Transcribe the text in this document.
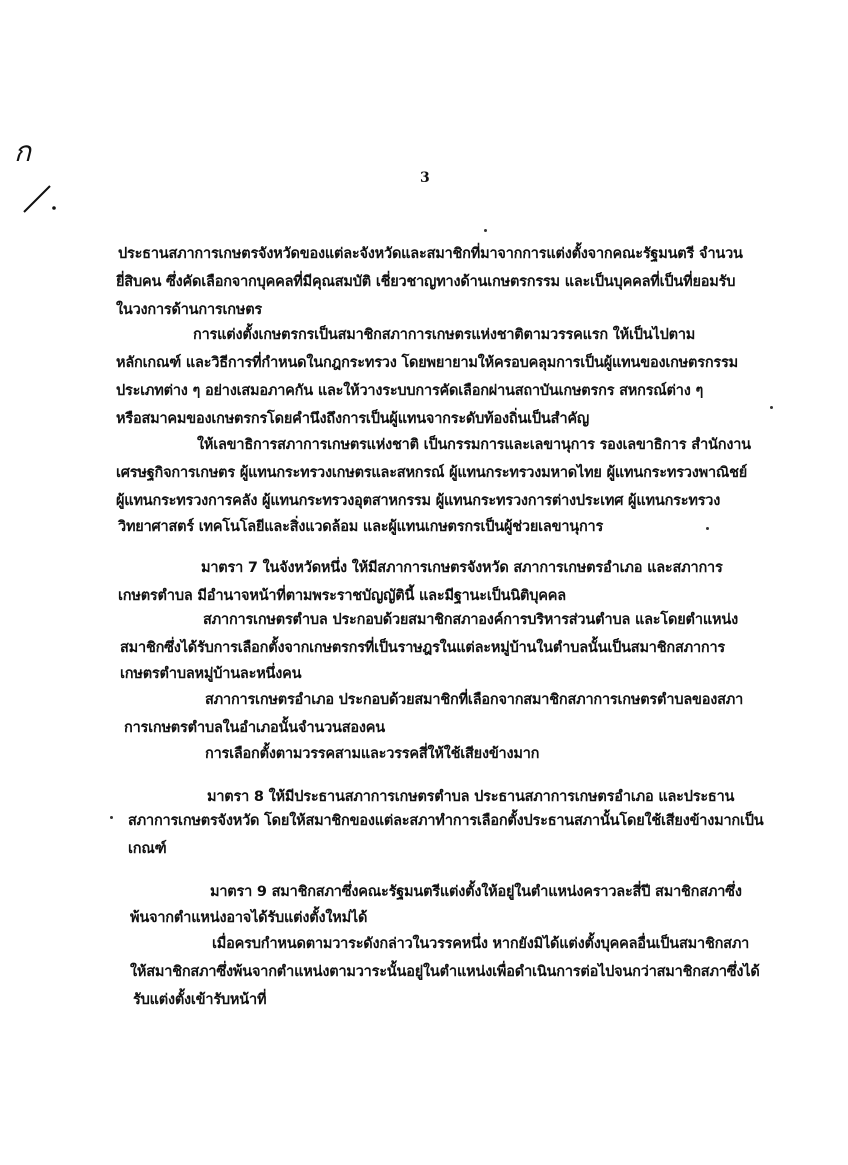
ก
3
ประธานสภาการเกษตรจังหวัดของแต่ละจังหวัดและสมาชิกที่มาจากการแต่งตั้งจากคณะรัฐมนตรี จำนวน
ยี่สิบคน ซึ่งคัดเลือกจากบุคคลที่มีคุณสมบัติ เชี่ยวชาญทางด้านเกษตรกรรม และเป็นบุคคลที่เป็นที่ยอมรับ
ในวงการด้านการเกษตร
การแต่งตั้งเกษตรกรเป็นสมาชิกสภาการเกษตรแห่งชาติตามวรรคแรก ให้เป็นไปตาม
หลักเกณฑ์ และวิธีการที่กำหนดในกฎกระทรวง โดยพยายามให้ครอบคลุมการเป็นผู้แทนของเกษตรกรรม
ประเภทต่าง ๆ อย่างเสมอภาคกัน และให้วางระบบการคัดเลือกผ่านสถาบันเกษตรกร สหกรณ์ต่าง ๆ
หรือสมาคมของเกษตรกรโดยคำนึงถึงการเป็นผู้แทนจากระดับท้องถิ่นเป็นสำคัญ
ให้เลขาธิการสภาการเกษตรแห่งชาติ เป็นกรรมการและเลขานุการ รองเลขาธิการ สำนักงาน
เศรษฐกิจการเกษตร ผู้แทนกระทรวงเกษตรและสหกรณ์ ผู้แทนกระทรวงมหาดไทย ผู้แทนกระทรวงพาณิชย์
ผู้แทนกระทรวงการคลัง ผู้แทนกระทรวงอุตสาหกรรม ผู้แทนกระทรวงการต่างประเทศ ผู้แทนกระทรวง
วิทยาศาสตร์ เทคโนโลยีและสิ่งแวดล้อม และผู้แทนเกษตรกรเป็นผู้ช่วยเลขานุการ
มาตรา 7 ในจังหวัดหนึ่ง ให้มีสภาการเกษตรจังหวัด สภาการเกษตรอำเภอ และสภาการ
เกษตรตำบล มีอำนาจหน้าที่ตามพระราชบัญญัตินี้ และมีฐานะเป็นนิติบุคคล
สภาการเกษตรตำบล ประกอบด้วยสมาชิกสภาองค์การบริหารส่วนตำบล และโดยตำแหน่ง
สมาชิกซึ่งได้รับการเลือกตั้งจากเกษตรกรที่เป็นราษฎรในแต่ละหมู่บ้านในตำบลนั้นเป็นสมาชิกสภาการ
เกษตรตำบลหมู่บ้านละหนึ่งคน
สภาการเกษตรอำเภอ ประกอบด้วยสมาชิกที่เลือกจากสมาชิกสภาการเกษตรตำบลของสภา
การเกษตรตำบลในอำเภอนั้นจำนวนสองคน
การเลือกตั้งตามวรรคสามและวรรคสี่ให้ใช้เสียงข้างมาก
มาตรา 8 ให้มีประธานสภาการเกษตรตำบล ประธานสภาการเกษตรอำเภอ และประธาน
สภาการเกษตรจังหวัด โดยให้สมาชิกของแต่ละสภาทำการเลือกตั้งประธานสภานั้นโดยใช้เสียงข้างมากเป็น
เกณฑ์
มาตรา 9 สมาชิกสภาซึ่งคณะรัฐมนตรีแต่งตั้งให้อยู่ในตำแหน่งคราวละสี่ปี สมาชิกสภาซึ่ง
พ้นจากตำแหน่งอาจได้รับแต่งตั้งใหม่ได้
เมื่อครบกำหนดตามวาระดังกล่าวในวรรคหนึ่ง หากยังมิได้แต่งตั้งบุคคลอื่นเป็นสมาชิกสภา
ให้สมาชิกสภาซึ่งพ้นจากตำแหน่งตามวาระนั้นอยู่ในตำแหน่งเพื่อดำเนินการต่อไปจนกว่าสมาชิกสภาซึ่งได้
รับแต่งตั้งเข้ารับหน้าที่
